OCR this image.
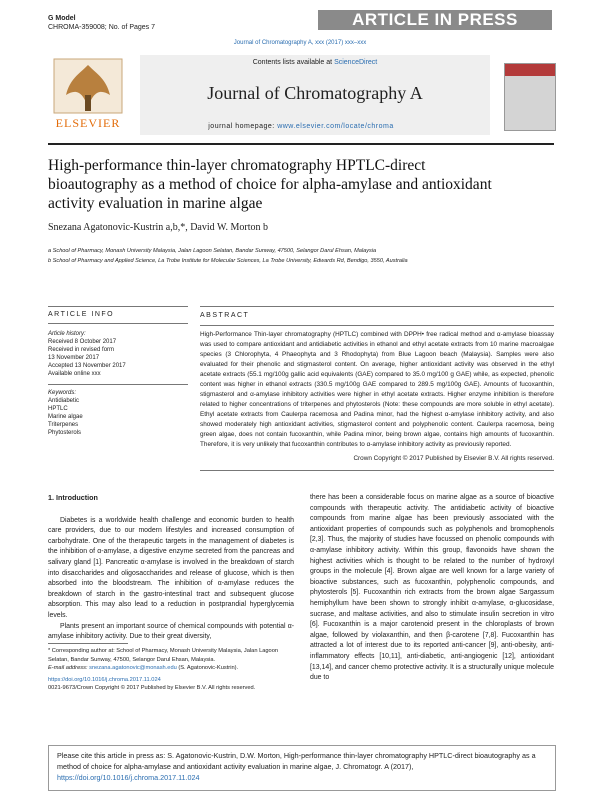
G Model
CHROMA-359008; No. of Pages 7	ARTICLE IN PRESS
Journal of Chromatography A, xxx (2017) xxx–xxx
ELSEVIER
Contents lists available at ScienceDirect
Journal of Chromatography A
journal homepage: www.elsevier.com/locate/chroma
High-performance thin-layer chromatography HPTLC-direct bioautography as a method of choice for alpha-amylase and antioxidant activity evaluation in marine algae
Snezana Agatonovic-Kustrin a,b,*, David W. Morton b
a School of Pharmacy, Monash University Malaysia, Jalan Lagoon Selatan, Bandar Sunway, 47500, Selangor Darul Ehsan, Malaysia
b School of Pharmacy and Applied Science, La Trobe Institute for Molecular Sciences, La Trobe University, Edwards Rd, Bendigo, 3550, Australia
ARTICLE INFO
Article history:
Received 8 October 2017
Received in revised form
13 November 2017
Accepted 13 November 2017
Available online xxx
Keywords:
Antidiabetic
HPTLC
Marine algae
Triterpenes
Phytosterols
ABSTRACT
High-Performance Thin-layer chromatography (HPTLC) combined with DPPH• free radical method and α-amylase bioassay was used to compare antioxidant and antidiabetic activities in ethanol and ethyl acetate extracts from 10 marine macroalgae species (3 Chlorophyta, 4 Phaeophyta and 3 Rhodophyta) from Blue Lagoon beach (Malaysia). Samples were also evaluated for their phenolic and stigmasterol content. On average, higher antioxidant activity was observed in the ethyl acetate extracts (55.1 mg/100g gallic acid equivalents (GAE) compared to 35.0 mg/100 g GAE) while, as expected, phenolic content was higher in ethanol extracts (330.5 mg/100g GAE compared to 289.5 mg/100g GAE). Amounts of fucoxanthin, stigmasterol and α-amylase inhibitory activities were higher in ethyl acetate extracts. Higher enzyme inhibition is therefore related to higher concentrations of triterpenes and phytosterols (Note: these compounds are more soluble in ethyl acetate). Ethyl acetate extracts from Caulerpa racemosa and Padina minor, had the highest α-amylase inhibitory activity, and also showed moderately high antioxidant activities, stigmasterol content and polyphenolic content. Caulerpa racemosa, being green algae, does not contain fucoxanthin, while Padina minor, being brown algae, contains high amounts of fucoxanthin. Therefore, it is very unlikely that fucoxanthin contributes to α-amylase inhibitory activity as previously reported.
Crown Copyright © 2017 Published by Elsevier B.V. All rights reserved.
1. Introduction
Diabetes is a worldwide health challenge and economic burden to health care providers, due to our modern lifestyles and increased consumption of carbohydrate. One of the therapeutic targets in the management of diabetes is the inhibition of α-amylase, a digestive enzyme secreted from the pancreas and salivary gland [1]. Pancreatic α-amylase is involved in the breakdown of starch into disaccharides and oligosaccharides and release of glucose, which is then absorbed into the bloodstream. The inhibition of α-amylase reduces the breakdown of starch in the gastro-intestinal tract and subsequent glucose absorption. This may also lead to a reduction in postprandial hyperglycemia levels.
Plants present an important source of chemical compounds with potential α-amylase inhibitory activity. Due to their great diversity,
there has been a considerable focus on marine algae as a source of bioactive compounds with therapeutic activity. The antidiabetic activity of bioactive compounds from marine algae has been previously associated with the antioxidant properties of compounds such as polyphenols and bromophenols [2,3]. Thus, the majority of studies have focussed on phenolic compounds with α-amylase inhibitory activity. Within this group, flavonoids have shown the highest activities which is thought to be related to the number of hydroxyl groups in the molecule [4]. Brown algae are well known for a large variety of bioactive substances, such as fucoxanthin, polyphenolic compounds, and phytosterols [5]. Fucoxanthin rich extracts from the brown algae Sargassum hemiphyllum have been shown to strongly inhibit α-amylase, α-glucosidase, sucrase, and maltase activities, and also to stimulate insulin secretion in vitro [6]. Fucoxanthin is a major carotenoid present in the chloroplasts of brown algae, followed by violaxanthin, and then β-carotene [7,8]. Fucoxanthin has attracted a lot of interest due to its reported anti-cancer [9], anti-obesity, anti-inflammatory effects [10,11], anti-diabetic, anti-angiogenic [12], antioxidant [13,14], and cancer chemo protective activity. It is a structurally unique molecule due to
* Corresponding author at: School of Pharmacy, Monash University Malaysia, Jalan Lagoon Selatan, Bandar Sunway, 47500, Selangor Darul Ehsan, Malaysia.
E-mail address: snezana.agatonovic@monash.edu (S. Agatonovic-Kustrin).
https://doi.org/10.1016/j.chroma.2017.11.024
0021-9673/Crown Copyright © 2017 Published by Elsevier B.V. All rights reserved.

Please cite this article in press as: S. Agatonovic-Kustrin, D.W. Morton, High-performance thin-layer chromatography HPTLC-direct bioautography as a method of choice for alpha-amylase and antioxidant activity evaluation in marine algae, J. Chromatogr. A (2017), https://doi.org/10.1016/j.chroma.2017.11.024
